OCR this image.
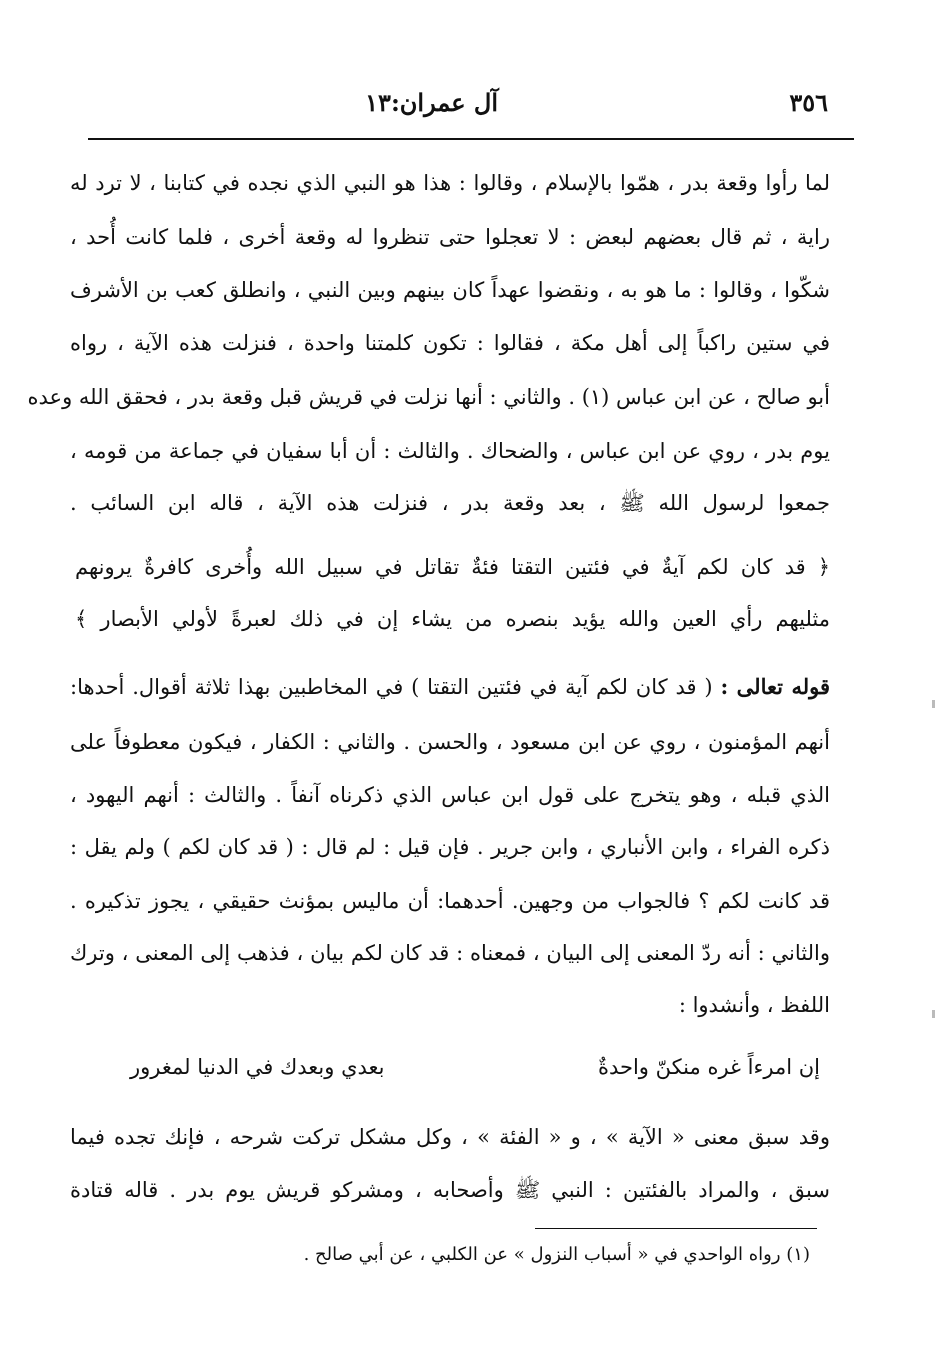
٣٥٦
آل عمران:١٣
لما رأوا وقعة بدر ، همّوا بالإسلام ، وقالوا : هذا هو النبي الذي نجده في كتابنا ، لا ترد له
راية ، ثم قال بعضهم لبعض : لا تعجلوا حتى تنظروا له وقعة أخرى ، فلما كانت أُحد ،
شكّوا ، وقالوا : ما هو به ، ونقضوا عهداً كان بينهم وبين النبي ، وانطلق كعب بن الأشرف
في ستين راكباً إلى أهل مكة ، فقالوا : تكون كلمتنا واحدة ، فنزلت هذه الآية ، رواه
أبو صالح ، عن ابن عباس (١) . والثاني : أنها نزلت في قريش قبل وقعة بدر ، فحقق الله وعده
يوم بدر ، روي عن ابن عباس ، والضحاك . والثالث : أن أبا سفيان في جماعة من قومه ،
جمعوا لرسول الله ﷺ ، بعد وقعة بدر ، فنزلت هذه الآية ، قاله ابن السائب .
﴿ قد كان لكم آيةٌ في فئتين التقتا فئةٌ تقاتل في سبيل الله وأُخرى كافرةٌ يرونهم
مثليهم رأي العين والله يؤيد بنصره من يشاء إن في ذلك لعبرةً لأولي الأبصار ﴾
قوله تعالى : ( قد كان لكم آية في فئتين التقتا ) في المخاطبين بهذا ثلاثة أقوال. أحدها:
أنهم المؤمنون ، روي عن ابن مسعود ، والحسن . والثاني : الكفار ، فيكون معطوفاً على
الذي قبله ، وهو يتخرج على قول ابن عباس الذي ذكرناه آنفاً . والثالث : أنهم اليهود ،
ذكره الفراء ، وابن الأنباري ، وابن جرير . فإن قيل : لم قال : ( قد كان لكم ) ولم يقل :
قد كانت لكم ؟ فالجواب من وجهين. أحدهما: أن ماليس بمؤنث حقيقي ، يجوز تذكيره .
والثاني : أنه ردّ المعنى إلى البيان ، فمعناه : قد كان لكم بيان ، فذهب إلى المعنى ، وترك
اللفظ ، وأنشدوا :
إن امرءاً غره منكنّ واحدةٌ
بعدي وبعدك في الدنيا لمغرور
وقد سبق معنى « الآية » ، و « الفئة » ، وكل مشكل تركت شرحه ، فإنك تجده فيما
سبق ، والمراد بالفئتين : النبي ﷺ وأصحابه ، ومشركو قريش يوم بدر . قاله قتادة
(١) رواه الواحدي في « أسباب النزول » عن الكلبي ، عن أبي صالح .
